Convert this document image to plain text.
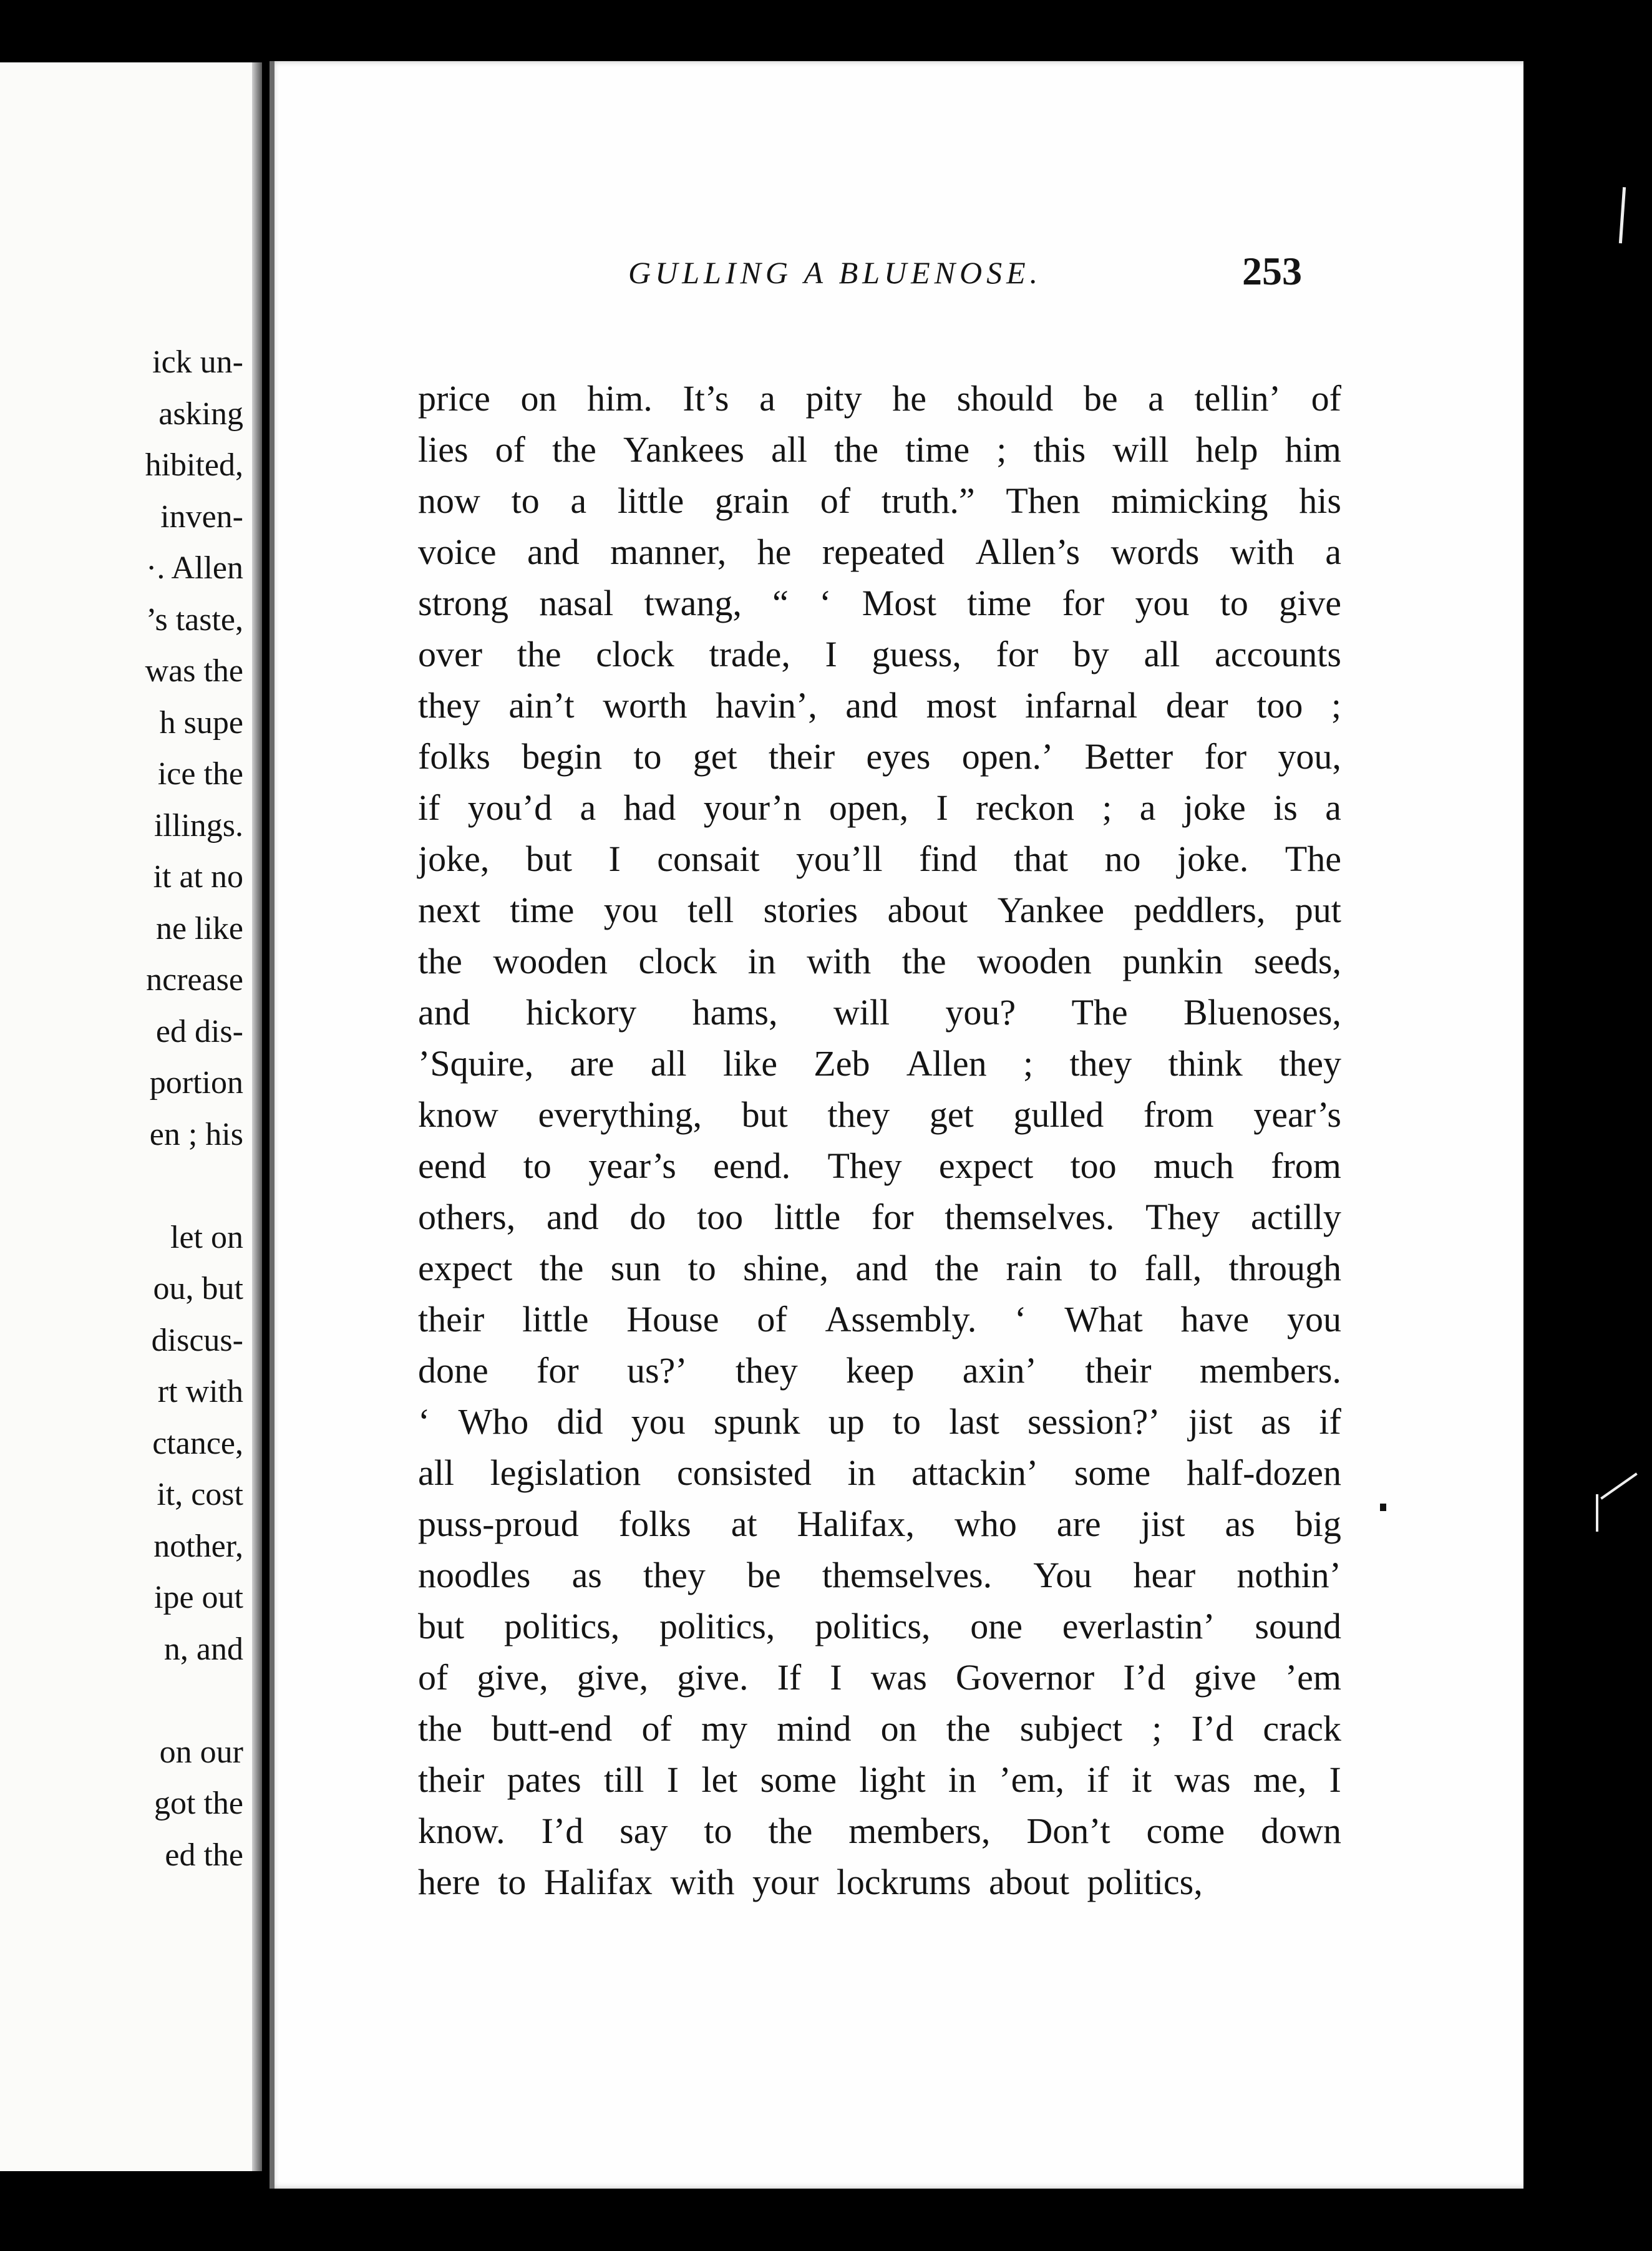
ick un-
asking
hibited,
inven-
·. Allen
’s taste,
was the
h supe
ice the
illings.
it at no
ne like
ncrease
ed dis-
portion
en ; his
let on
ou, but
discus-
rt with
ctance,
it, cost
nother,
ipe out
n, and
on our
got the
ed the
GULLING A BLUENOSE.	253
price on him. It’s a pity he should be a tellin’ of
lies of the Yankees all the time ; this will help him
now to a little grain of truth.” Then mimicking his
voice and manner, he repeated Allen’s words with a
strong nasal twang, “ ‘ Most time for you to give
over the clock trade, I guess, for by all accounts
they ain’t worth havin’, and most infarnal dear too ;
folks begin to get their eyes open.’ Better for you,
if you’d a had your’n open, I reckon ; a joke is a
joke, but I consait you’ll find that no joke. The
next time you tell stories about Yankee peddlers, put
the wooden clock in with the wooden punkin seeds,
and hickory hams, will you? The Bluenoses,
’Squire, are all like Zeb Allen ; they think they
know everything, but they get gulled from year’s
eend to year’s eend. They expect too much from
others, and do too little for themselves. They actilly
expect the sun to shine, and the rain to fall, through
their little House of Assembly. ‘ What have you
done for us?’ they keep axin’ their members.
‘ Who did you spunk up to last session?’ jist as if
all legislation consisted in attackin’ some half-dozen
puss-proud folks at Halifax, who are jist as big
noodles as they be themselves. You hear nothin’
but politics, politics, politics, one everlastin’ sound
of give, give, give. If I was Governor I’d give ’em
the butt-end of my mind on the subject ; I’d crack
their pates till I let some light in ’em, if it was me, I
know. I’d say to the members, Don’t come down
here to Halifax with your lockrums about politics,
